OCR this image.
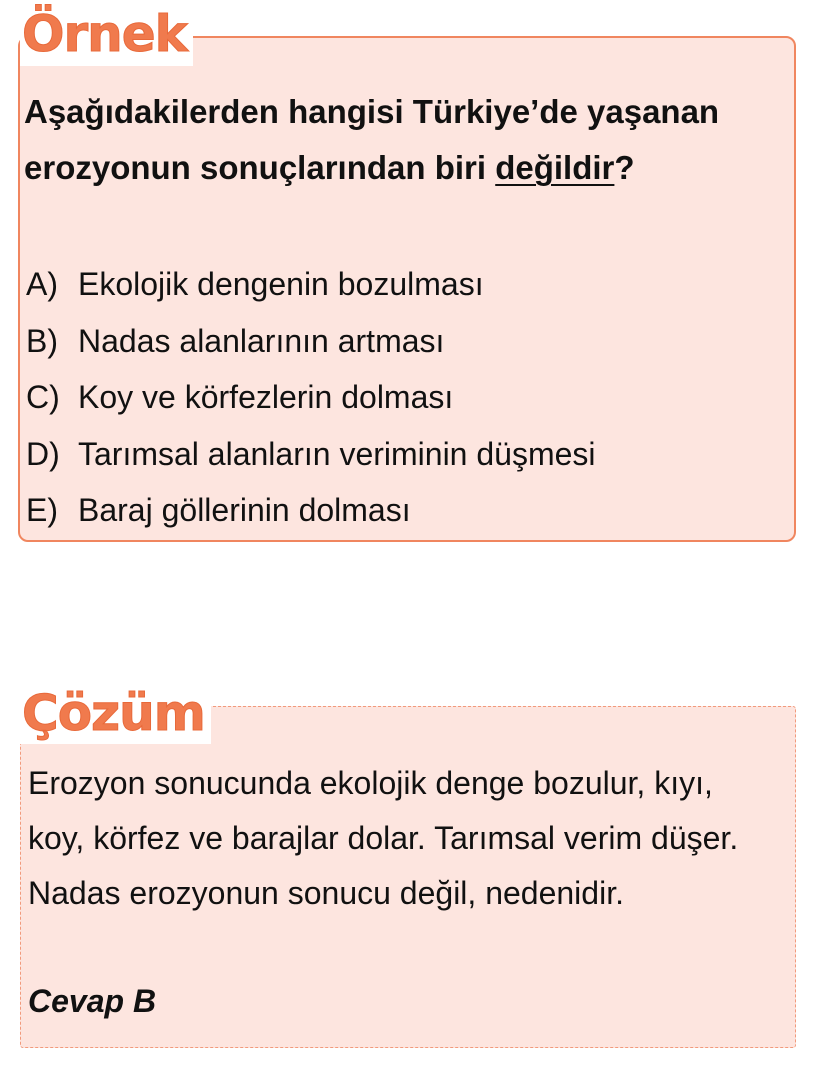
Örnek

Aşağıdakilerden hangisi Türkiye’de yaşanan erozyonun sonuçlarından biri değildir?

A) Ekolojik dengenin bozulması
B) Nadas alanlarının artması
C) Koy ve körfezlerin dolması
D) Tarımsal alanların veriminin düşmesi
E) Baraj göllerinin dolması
Çözüm

Erozyon sonucunda ekolojik denge bozulur, kıyı, koy, körfez ve barajlar dolar. Tarımsal verim düşer. Nadas erozyonun sonucu değil, nedenidir.

Cevap B
